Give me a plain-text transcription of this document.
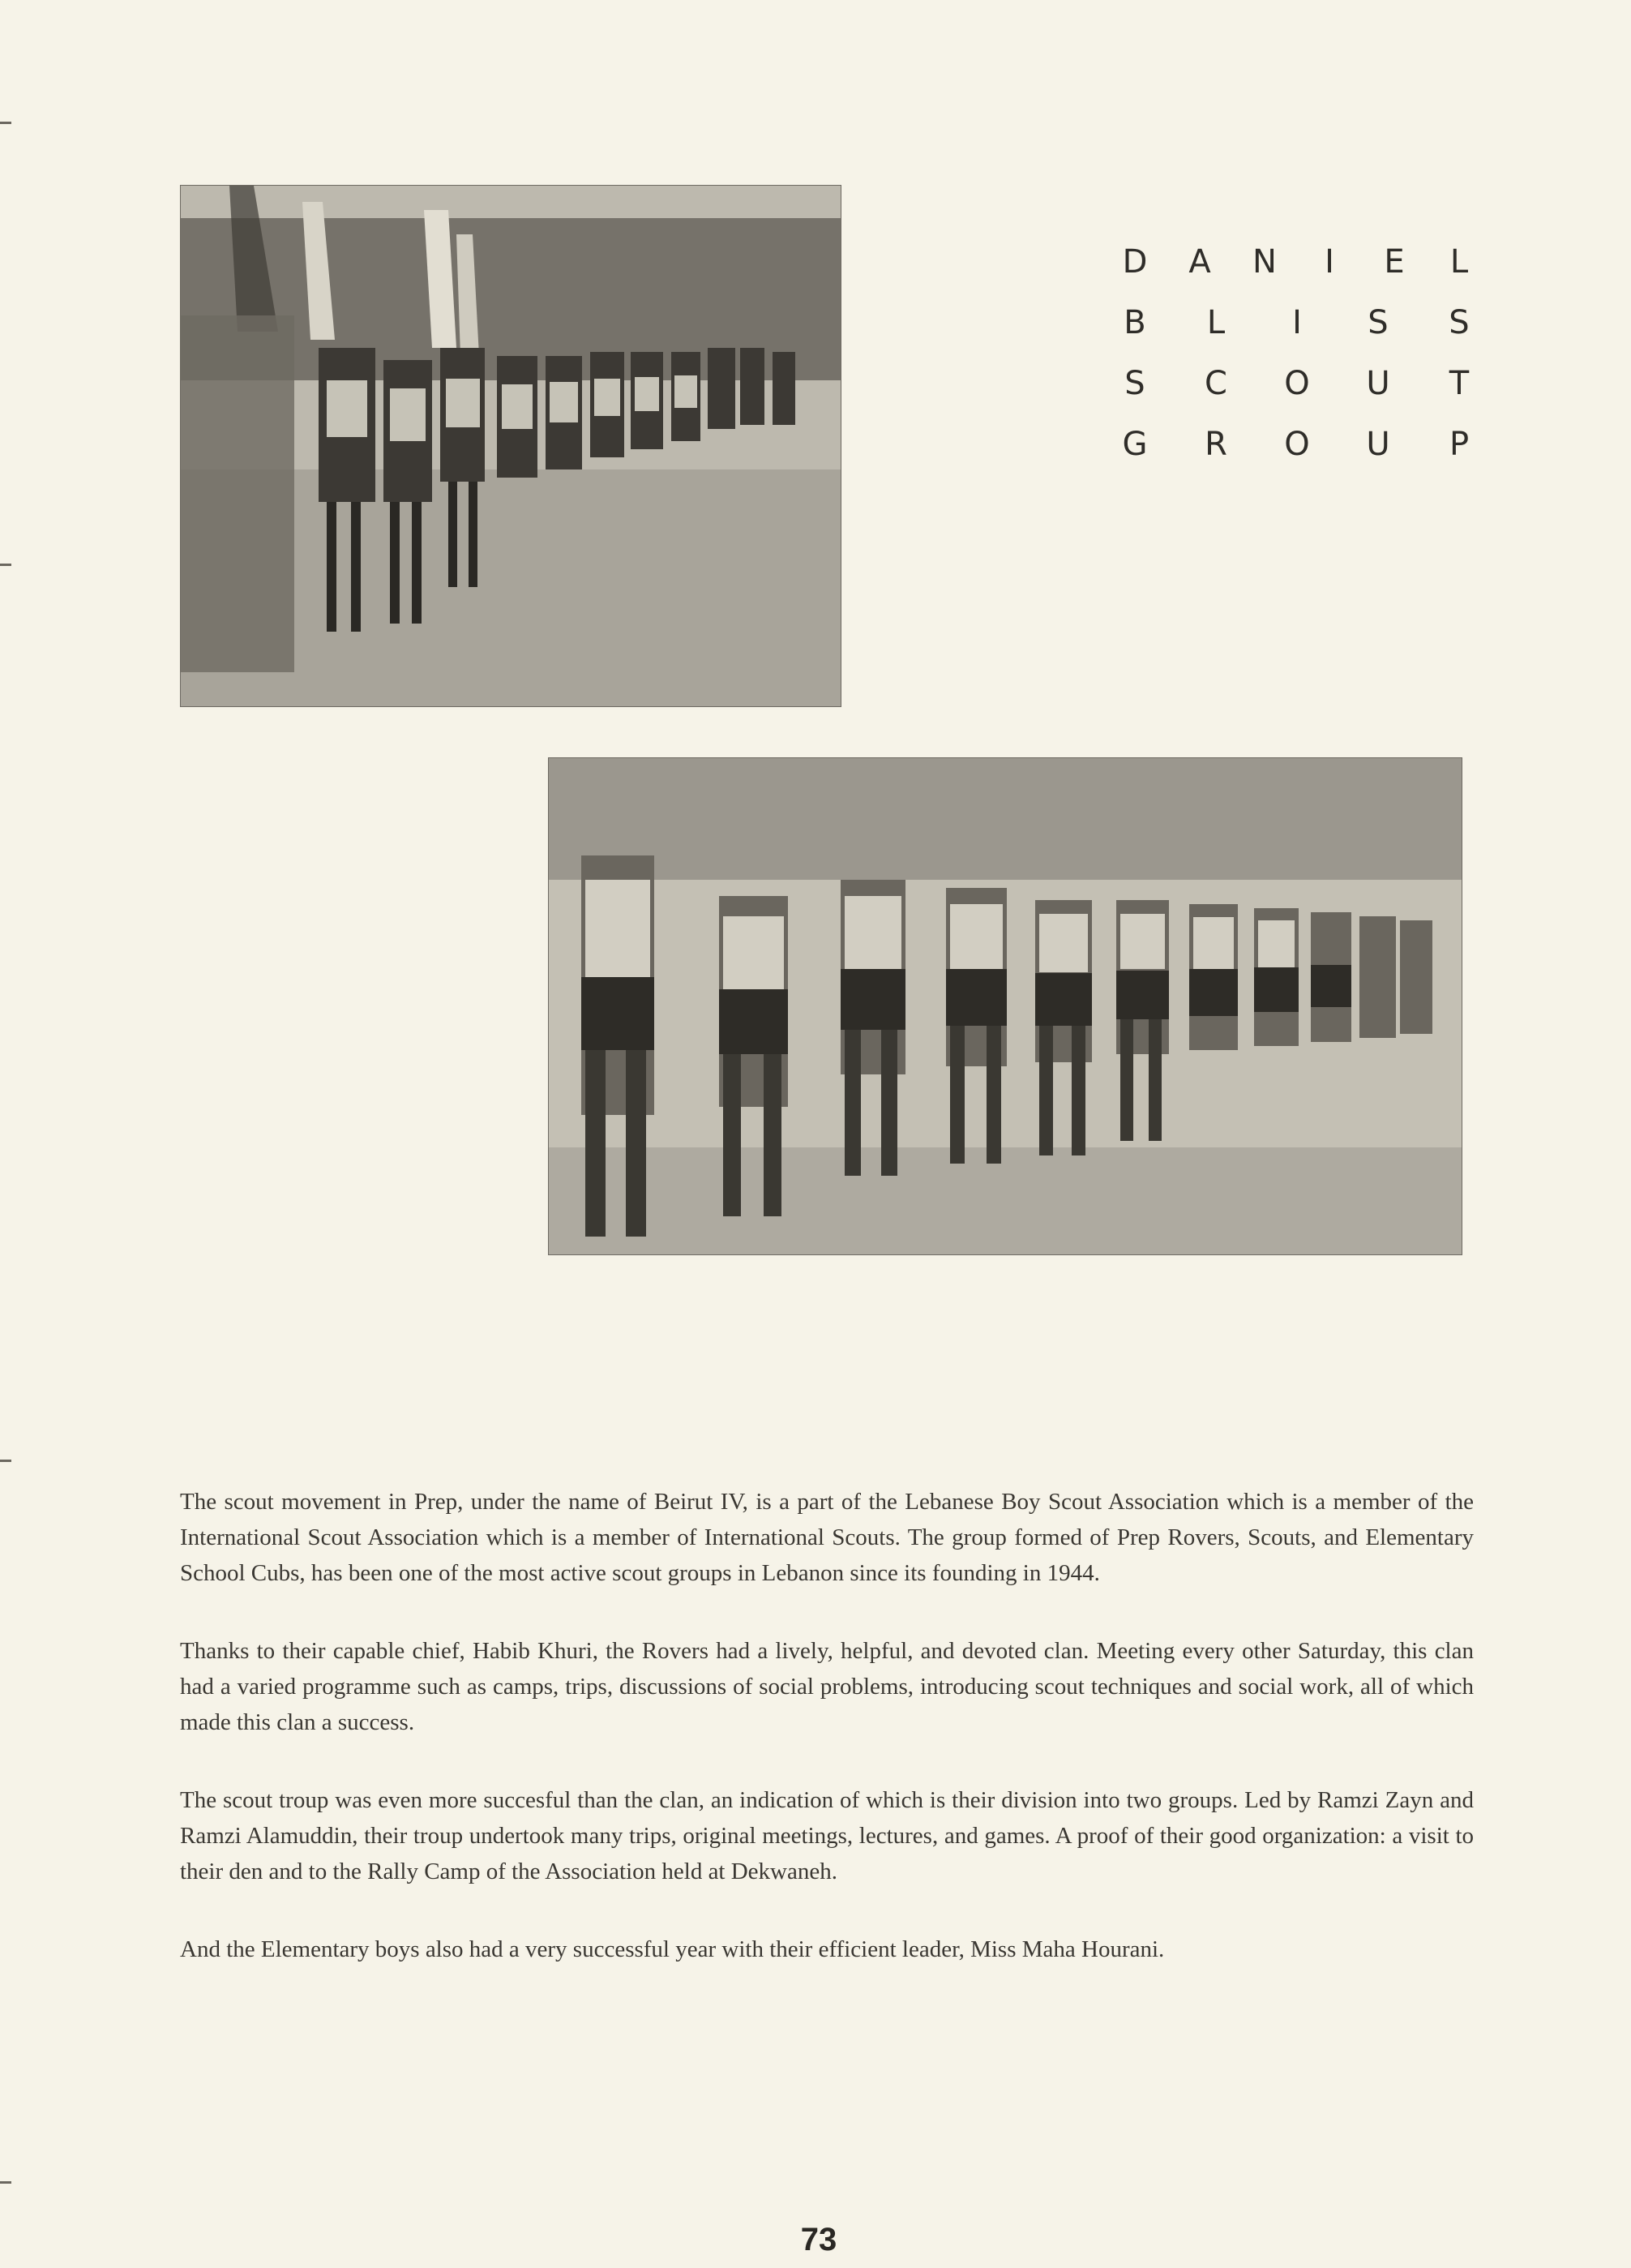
D	A	N	I	E	L
B	L	I	S	S
S	C	O	U	T
G	R	O	U	P

The scout movement in Prep, under the name of Beirut IV, is a part of the Lebanese Boy Scout Association which is a member of the International Scout Association which is a member of International Scouts. The group formed of Prep Rovers, Scouts, and Elementary School Cubs, has been one of the most active scout groups in Lebanon since its founding in 1944.

Thanks to their capable chief, Habib Khuri, the Rovers had a lively, helpful, and devoted clan. Meeting every other Saturday, this clan had a varied programme such as camps, trips, discussions of social problems, introducing scout techniques and social work, all of which made this clan a success.

The scout troup was even more succesful than the clan, an indication of which is their division into two groups. Led by Ramzi Zayn and Ramzi Alamuddin, their troup undertook many trips, original meetings, lectures, and games. A proof of their good organization: a visit to their den and to the Rally Camp of the Association held at Dekwaneh.

And the Elementary boys also had a very successful year with their efficient leader, Miss Maha Hourani.

73
